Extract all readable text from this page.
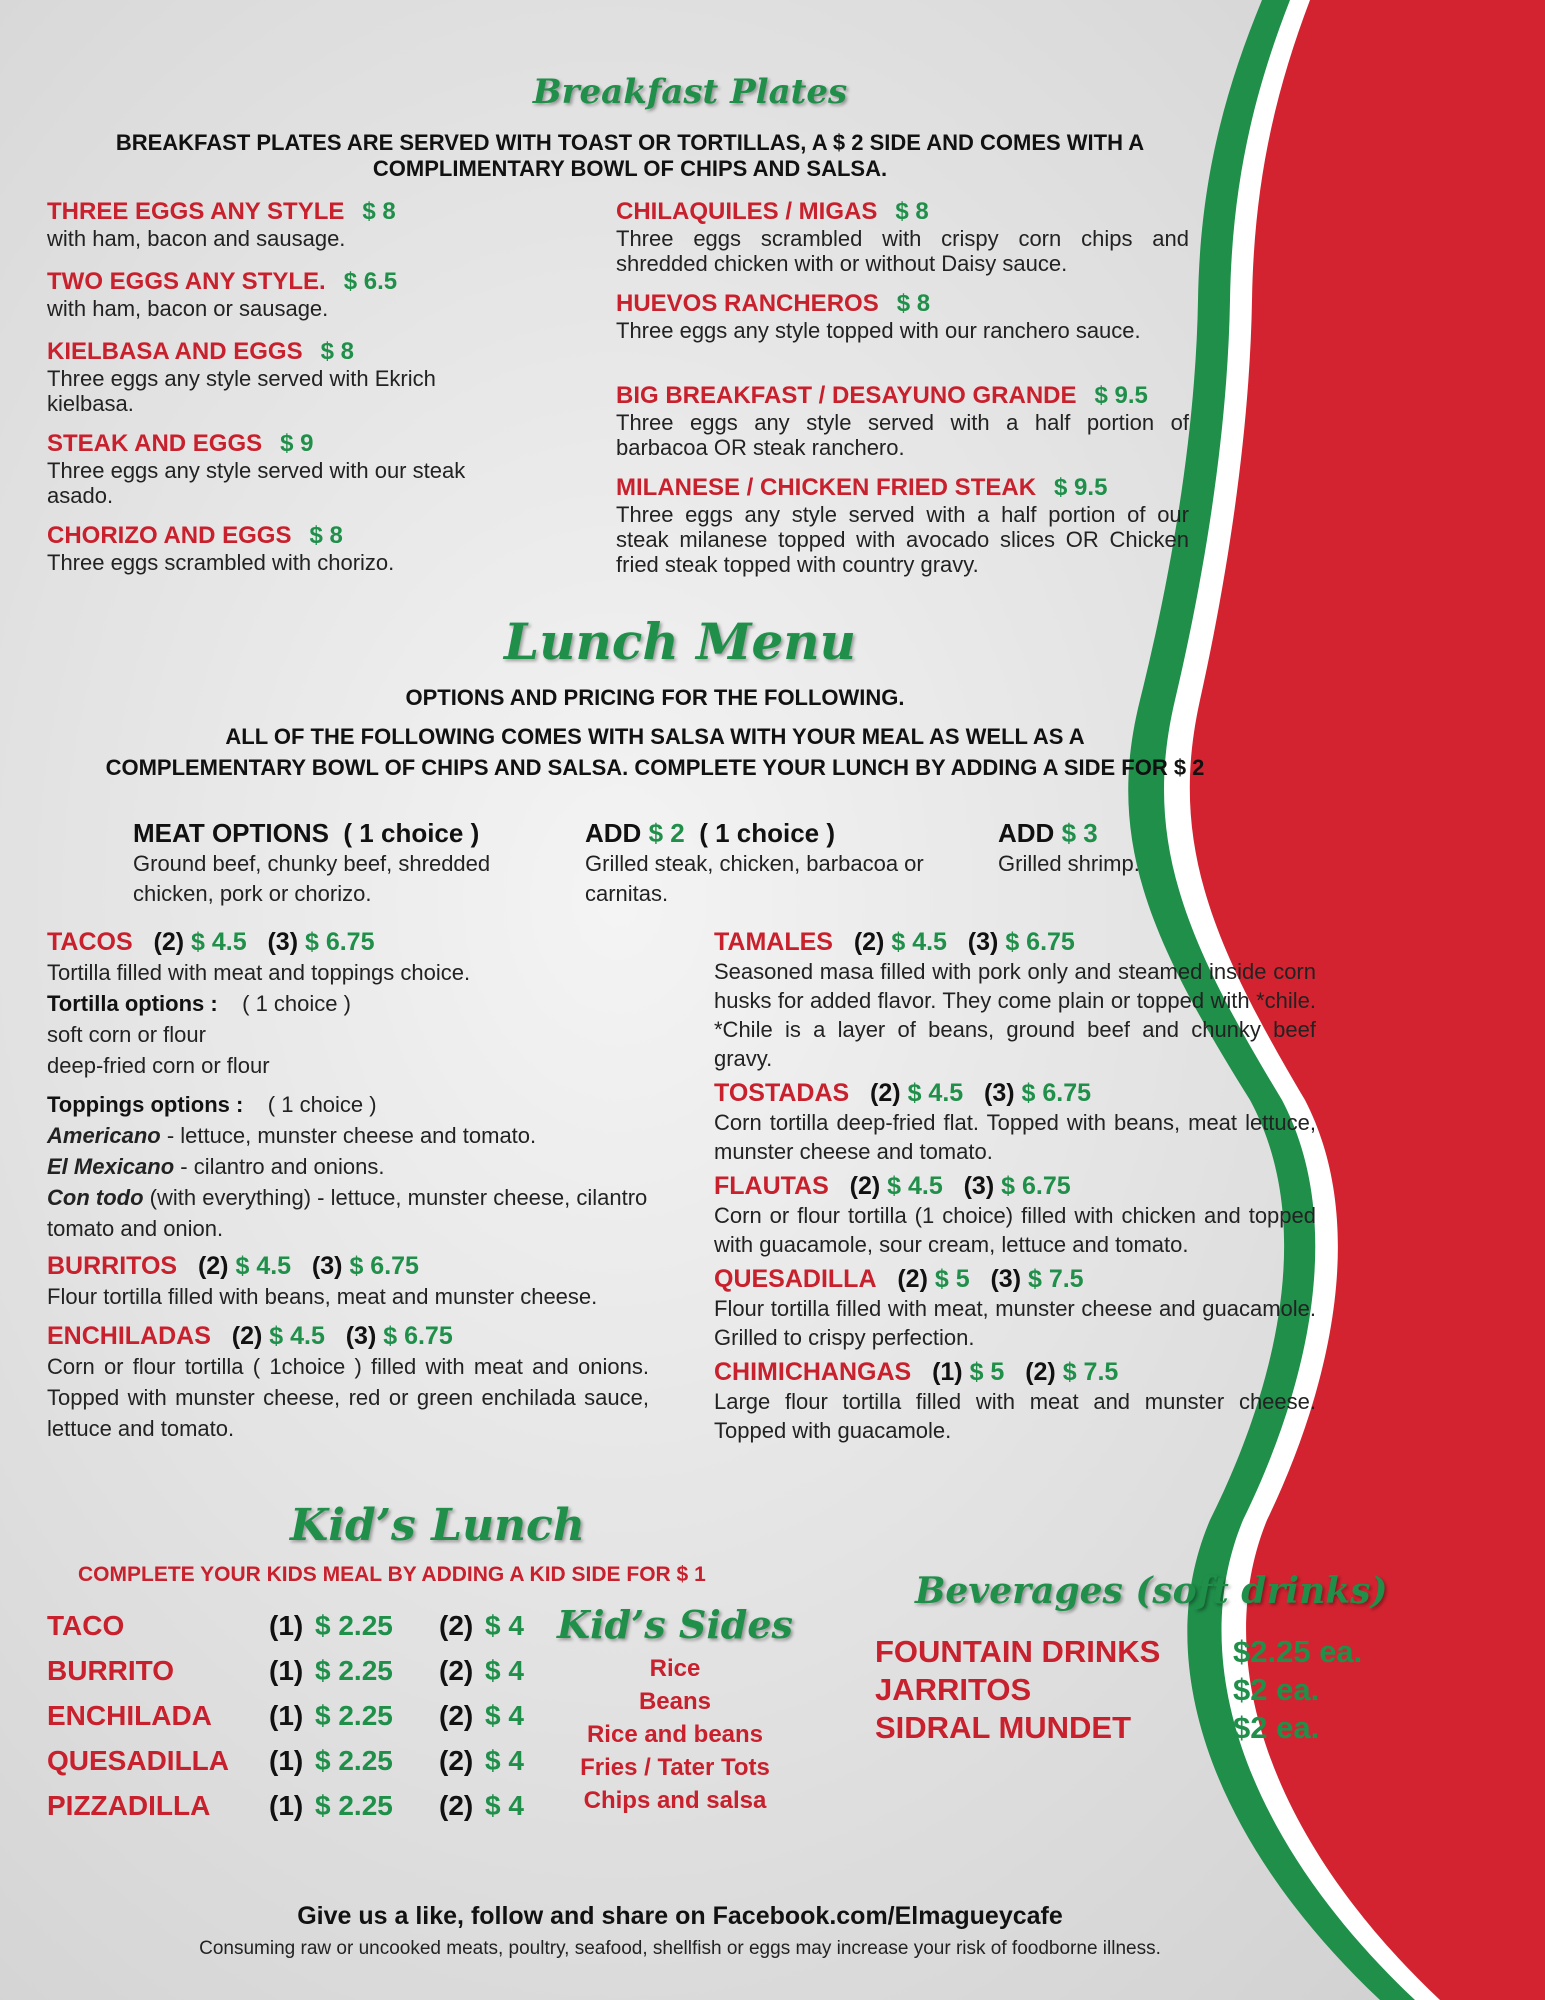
Breakfast Plates
BREAKFAST PLATES ARE SERVED WITH TOAST OR TORTILLAS, A $ 2 SIDE AND COMES WITH A COMPLIMENTARY BOWL OF CHIPS AND SALSA.
THREE EGGS ANY STYLE $ 8
with ham, bacon and sausage.
TWO EGGS ANY STYLE. $ 6.5
with ham, bacon or sausage.
KIELBASA AND EGGS $ 8
Three eggs any style served with Ekrich kielbasa.
STEAK AND EGGS $ 9
Three eggs any style served with our steak asado.
CHORIZO AND EGGS $ 8
Three eggs scrambled with chorizo.
CHILAQUILES / MIGAS $ 8
Three eggs scrambled with crispy corn chips and shredded chicken with or without Daisy sauce.
HUEVOS RANCHEROS $ 8
Three eggs any style topped with our ranchero sauce.
BIG BREAKFAST / DESAYUNO GRANDE $ 9.5
Three eggs any style served with a half portion of barbacoa OR steak ranchero.
MILANESE / CHICKEN FRIED STEAK $ 9.5
Three eggs any style served with a half portion of our steak milanese topped with avocado slices OR Chicken fried steak topped with country gravy.
Lunch Menu
OPTIONS AND PRICING FOR THE FOLLOWING.
ALL OF THE FOLLOWING COMES WITH SALSA WITH YOUR MEAL AS WELL AS A
COMPLEMENTARY BOWL OF CHIPS AND SALSA. COMPLETE YOUR LUNCH BY ADDING A SIDE FOR $ 2
MEAT OPTIONS ( 1 choice )
Ground beef, chunky beef, shredded chicken, pork or chorizo.
ADD $ 2 ( 1 choice )
Grilled steak, chicken, barbacoa or carnitas.
ADD $ 3
Grilled shrimp.
TACOS (2) $ 4.5 (3) $ 6.75
Tortilla filled with meat and toppings choice.
Tortilla options : ( 1 choice )
soft corn or flour
deep-fried corn or flour
Toppings options : ( 1 choice )
Americano - lettuce, munster cheese and tomato.
El Mexicano - cilantro and onions.
Con todo (with everything) - lettuce, munster cheese, cilantro tomato and onion.
BURRITOS (2) $ 4.5 (3) $ 6.75
Flour tortilla filled with beans, meat and munster cheese.
ENCHILADAS (2) $ 4.5 (3) $ 6.75
Corn or flour tortilla ( 1choice ) filled with meat and onions. Topped with munster cheese, red or green enchilada sauce, lettuce and tomato.
TAMALES (2) $ 4.5 (3) $ 6.75
Seasoned masa filled with pork only and steamed inside corn husks for added flavor. They come plain or topped with *chile. *Chile is a layer of beans, ground beef and chunky beef gravy.
TOSTADAS (2) $ 4.5 (3) $ 6.75
Corn tortilla deep-fried flat. Topped with beans, meat lettuce, munster cheese and tomato.
FLAUTAS (2) $ 4.5 (3) $ 6.75
Corn or flour tortilla (1 choice) filled with chicken and topped with guacamole, sour cream, lettuce and tomato.
QUESADILLA (2) $ 5 (3) $ 7.5
Flour tortilla filled with meat, munster cheese and guacamole. Grilled to crispy perfection.
CHIMICHANGAS (1) $ 5 (2) $ 7.5
Large flour tortilla filled with meat and munster cheese. Topped with guacamole.
Kid’s Lunch
COMPLETE YOUR KIDS MEAL BY ADDING A KID SIDE FOR $ 1
TACO	(1) $ 2.25 (2) $ 4
BURRITO	(1) $ 2.25 (2) $ 4
ENCHILADA (1) $ 2.25 (2) $ 4
QUESADILLA (1) $ 2.25 (2) $ 4
PIZZADILLA (1) $ 2.25 (2) $ 4
Kid’s Sides
Rice
Beans
Rice and beans
Fries / Tater Tots
Chips and salsa
Beverages (soft drinks)
FOUNTAIN DRINKS $2.25 ea.
JARRITOS	$2 ea.
SIDRAL MUNDET	$2 ea.
Give us a like, follow and share on Facebook.com/Elmagueycafe
Consuming raw or uncooked meats, poultry, seafood, shellfish or eggs may increase your risk of foodborne illness.
